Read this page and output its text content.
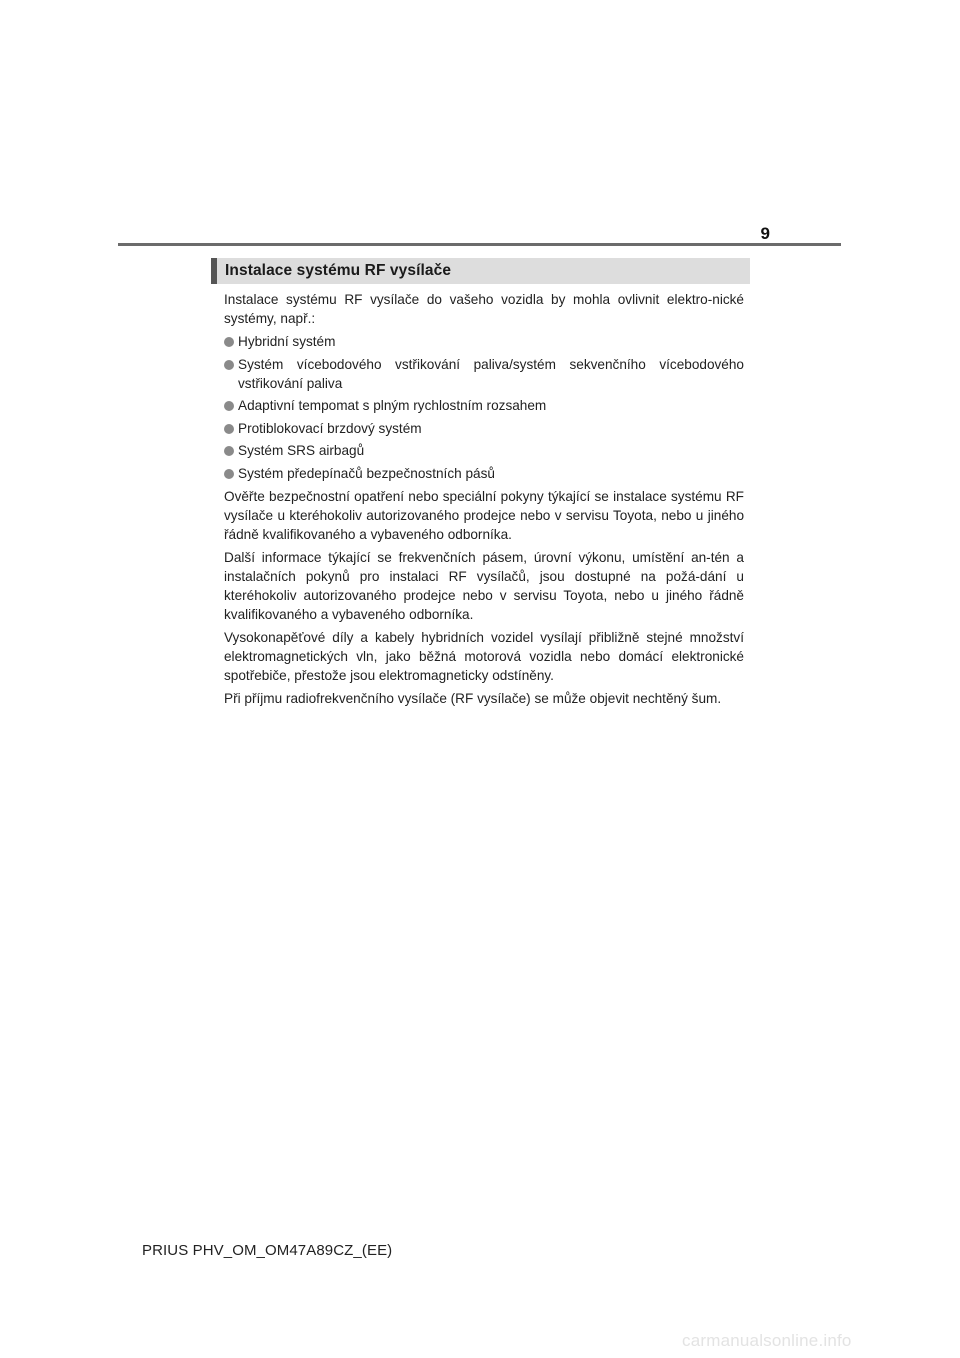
9
Instalace systému RF vysílače

Instalace systému RF vysílače do vašeho vozidla by mohla ovlivnit elektro-nické systémy, např.:

Hybridní systém
Systém vícebodového vstřikování paliva/systém sekvenčního vícebodového vstřikování paliva
Adaptivní tempomat s plným rychlostním rozsahem
Protiblokovací brzdový systém
Systém SRS airbagů
Systém předepínačů bezpečnostních pásů

Ověřte bezpečnostní opatření nebo speciální pokyny týkající se instalace systému RF vysílače u kteréhokoliv autorizovaného prodejce nebo v servisu Toyota, nebo u jiného řádně kvalifikovaného a vybaveného odborníka.

Další informace týkající se frekvenčních pásem, úrovní výkonu, umístění an-tén a instalačních pokynů pro instalaci RF vysílačů, jsou dostupné na požá-dání u kteréhokoliv autorizovaného prodejce nebo v servisu Toyota, nebo u jiného řádně kvalifikovaného a vybaveného odborníka.

Vysokonapěťové díly a kabely hybridních vozidel vysílají přibližně stejné množství elektromagnetických vln, jako běžná motorová vozidla nebo domácí elektronické spotřebiče, přestože jsou elektromagneticky odstíněny.

Při příjmu radiofrekvenčního vysílače (RF vysílače) se může objevit nechtěný šum.

PRIUS PHV_OM_OM47A89CZ_(EE)
carmanualsonline.info
